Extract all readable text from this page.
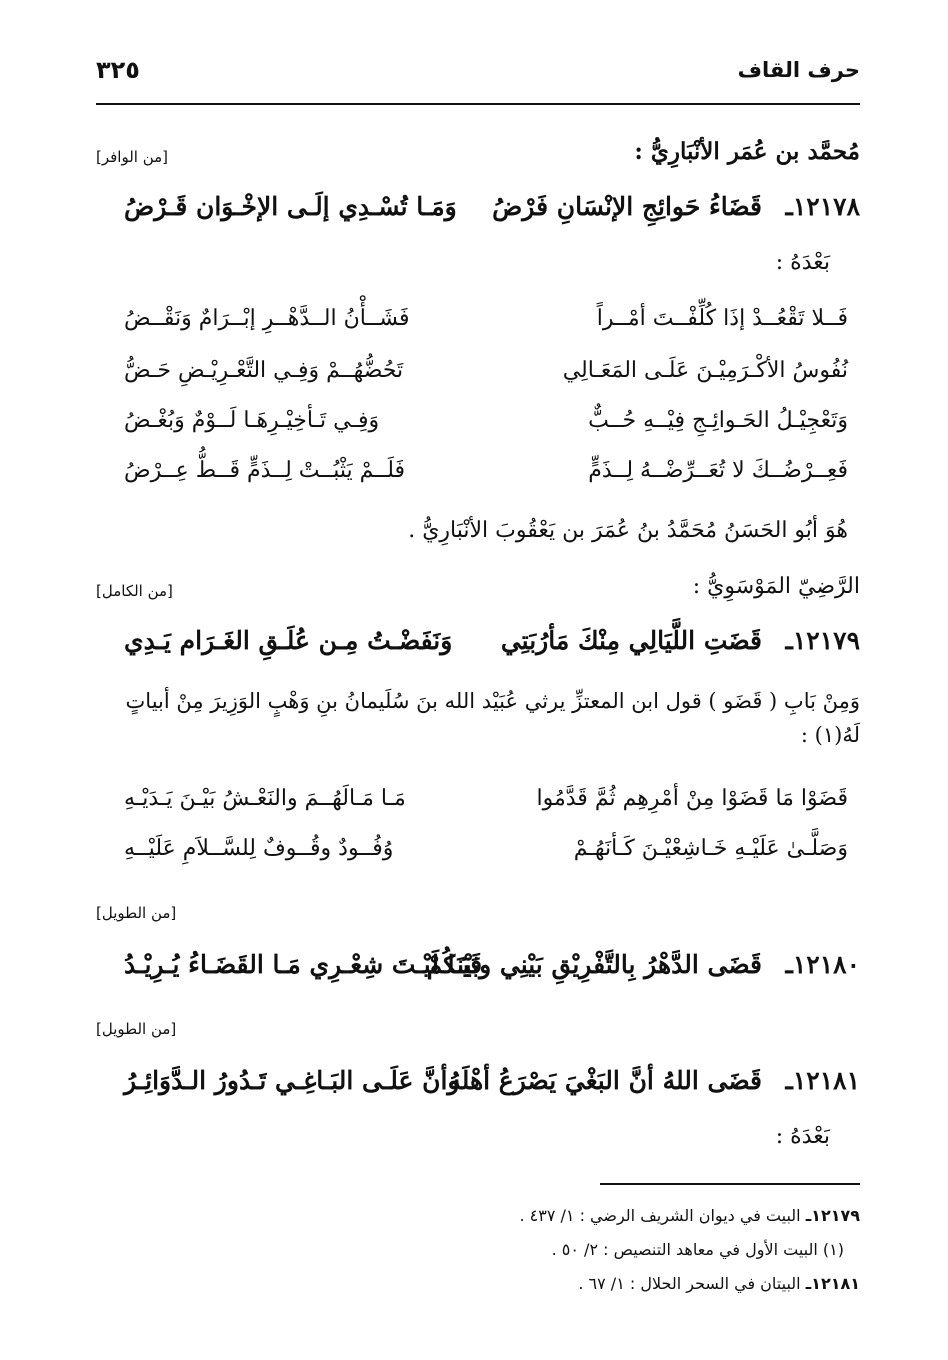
حرف القاف
٣٢٥
مُحمَّد بن عُمَر الأنْبَارِيُّ :
[من الوافر]
١٢١٧٨ـ
قَضَاءُ حَوائِجِ الإنْسَانِ فَرْضُ
وَمَـا تُسْـدِي إلَـى الإخْـوَان قَـرْضُ
بَعْدَهُ :
فَــلا تَقْعُــدْ إذَا كُلِّفْــتَ أمْــراً
فَشَــأْنُ الــدَّهْــرِ إبْــرَامٌ وَنَقْــضُ
نُفُوسُ الأكْـرَمِيْـنَ عَلَـى المَعَـالِي
تَحُضُّهُــمْ وَفِـي التَّعْـرِيْـضِ حَـضُّ
وَتَعْجِيْـلُ الحَـوائِـجِ فِيْــهِ حُــبٌّ
وَفِـي تَـأخِيْـرِهَـا لَــوْمٌ وَبُغْـضُ
فَعِــرْضُــكَ لا تُعَــرِّضْــهُ لِــذَمٍّ
فَلَــمْ يَثْبُــتْ لِــذَمٍّ قَــطُّ عِــرْضُ
هُوَ أبُو الحَسَنُ مُحَمَّدُ بنُ عُمَرَ بن يَعْقُوبَ الأنْبَارِيُّ .
الرَّضِيّ المَوْسَوِيُّ :
[من الكامل]
١٢١٧٩ـ
قَضَتِ اللَّيَالِي مِنْكَ مَأرُبَتِي
وَنَفَضْـتُ مِـن عُلَـقِ الغَـرَام يَـدِي
وَمِنْ بَابِ ( قَضَو ) قول ابن المعتزِّ يرثي عُبَيْد الله بنَ سُلَيمانُ بنِ وَهْبٍ الوَزِيرَ مِنْ أبياتٍ لَهُ(١) :
قَضَوْا مَا قَضَوْا مِنْ أمْرِهِم ثُمَّ قَدَّمُوا
مَـا مَـالَهُــمَ والنَعْـشُ بَيْـنَ يَـدَيْـهِ
وَصَلَّـىٰ عَلَيْـهِ خَـاشِعْيْـنَ كَـأنَهُـمْ
وُفُــودٌ وقُــوفٌ لِلسَّــلاَمِ عَلَيْــهِ
[من الطويل]
١٢١٨٠ـ
قَضَى الدَّهْرُ بِالتَّفْرِيْقِ بَيْنِي وبَيْنَكُمْ
فَيَـا لَيْـتَ شِعْـرِي مَـا القَضَـاءُ يُـرِيْـدُ
[من الطويل]
١٢١٨١ـ
قَضَى اللهُ أنَّ البَغْيَ يَصْرَعُ أهْلَهُ
وأنَّ عَلَـى البَـاغِـي تَـدُورُ الـدَّوَائِـرُ
بَعْدَهُ :
١٢١٧٩ـ البيت في ديوان الشريف الرضي : ١/ ٤٣٧ .
(١) البيت الأول في معاهد التنصيص : ٢/ ٥٠ .
١٢١٨١ـ البيتان في السحر الحلال : ١/ ٦٧ .
